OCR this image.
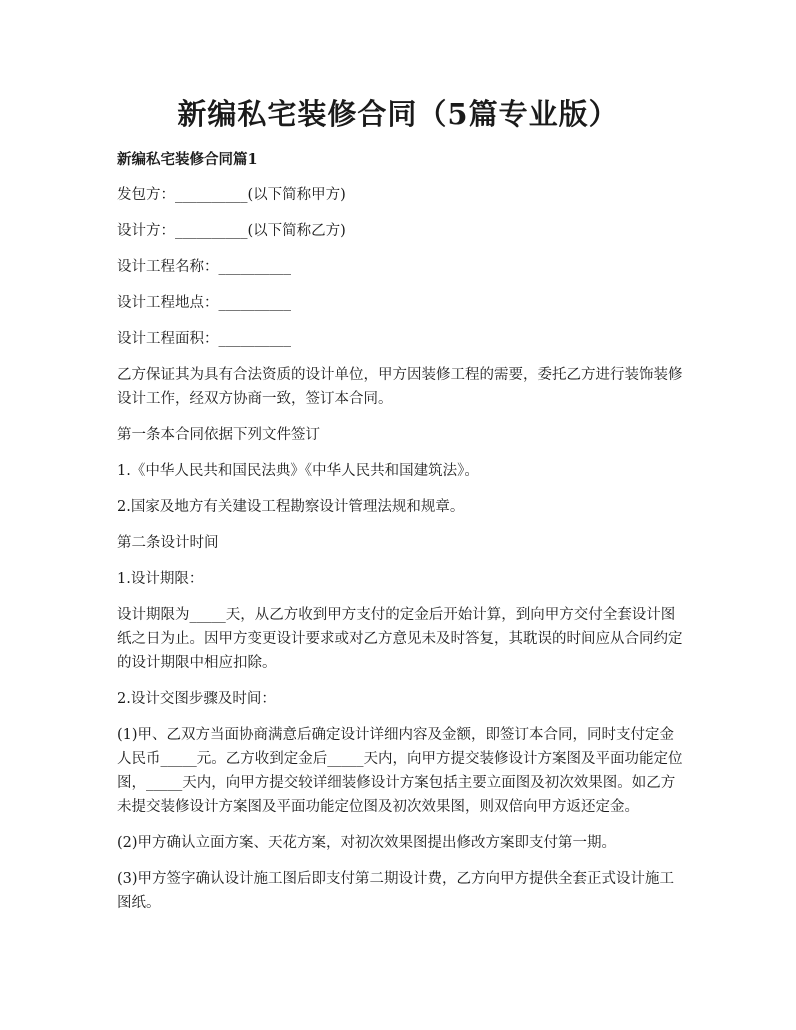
新编私宅装修合同（5篇专业版）

新编私宅装修合同篇1

发包方：__________(以下简称甲方)

设计方：__________(以下简称乙方)

设计工程名称：__________

设计工程地点：__________

设计工程面积：__________

乙方保证其为具有合法资质的设计单位，甲方因装修工程的需要，委托乙方进行装饰装修设计工作，经双方协商一致，签订本合同。

第一条本合同依据下列文件签订

1.《中华人民共和国民法典》《中华人民共和国建筑法》。

2.国家及地方有关建设工程勘察设计管理法规和规章。

第二条设计时间

1.设计期限：

设计期限为_____天，从乙方收到甲方支付的定金后开始计算，到向甲方交付全套设计图纸之日为止。因甲方变更设计要求或对乙方意见未及时答复，其耽误的时间应从合同约定的设计期限中相应扣除。

2.设计交图步骤及时间：

(1)甲、乙双方当面协商满意后确定设计详细内容及金额，即签订本合同，同时支付定金人民币_____元。乙方收到定金后_____天内，向甲方提交装修设计方案图及平面功能定位图，_____天内，向甲方提交较详细装修设计方案包括主要立面图及初次效果图。如乙方未提交装修设计方案图及平面功能定位图及初次效果图，则双倍向甲方返还定金。

(2)甲方确认立面方案、天花方案，对初次效果图提出修改方案即支付第一期。

(3)甲方签字确认设计施工图后即支付第二期设计费，乙方向甲方提供全套正式设计施工图纸。
